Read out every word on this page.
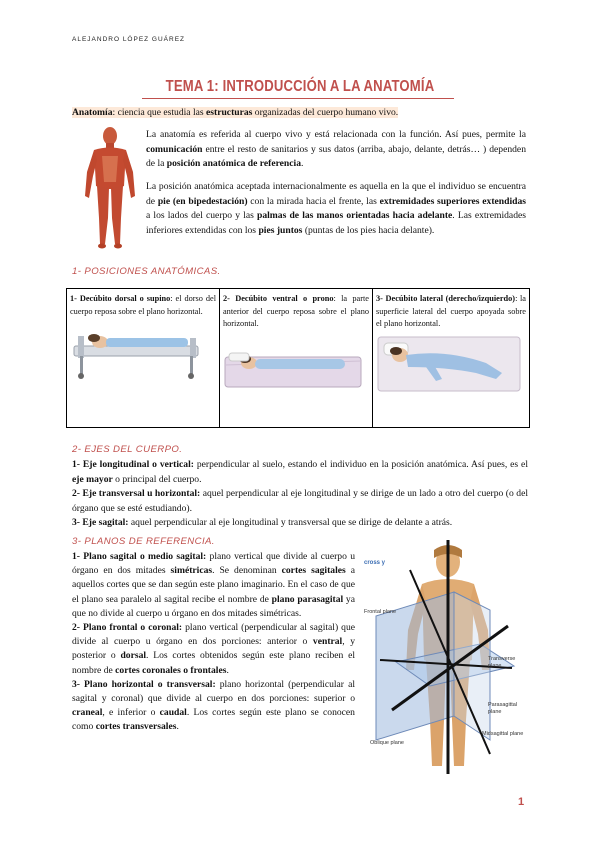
ALEJANDRO LÓPEZ GUÁREZ
TEMA 1: INTRODUCCIÓN A LA ANATOMÍA
Anatomía: ciencia que estudia las estructuras organizadas del cuerpo humano vivo.
La anatomía es referida al cuerpo vivo y está relacionada con la función. Así pues, permite la comunicación entre el resto de sanitarios y sus datos (arriba, abajo, delante, detrás… ) dependen de la posición anatómica de referencia.
La posición anatómica aceptada internacionalmente es aquella en la que el individuo se encuentra de pie (en bipedestación) con la mirada hacia el frente, las extremidades superiores extendidas a los lados del cuerpo y las palmas de las manos orientadas hacia adelante. Las extremidades inferiores extendidas con los pies juntos (puntas de los pies hacia delante).
1- POSICIONES ANATÓMICAS.
1- Decúbito dorsal o supino: el dorso del cuerpo reposa sobre el plano horizontal.
	2- Decúbito ventral o prono: la parte anterior del cuerpo reposa sobre el plano horizontal.
	3- Decúbito lateral (derecho/izquierdo): la superficie lateral del cuerpo apoyada sobre el plano horizontal.
2- EJES DEL CUERPO.
1- Eje longitudinal o vertical: perpendicular al suelo, estando el individuo en la posición anatómica. Así pues, es el eje mayor o principal del cuerpo.
2- Eje transversal u horizontal: aquel perpendicular al eje longitudinal y se dirige de un lado a otro del cuerpo (o del órgano que se esté estudiando).
3- Eje sagital: aquel perpendicular al eje longitudinal y transversal que se dirige de delante a atrás.
3- PLANOS DE REFERENCIA.
1- Plano sagital o medio sagital: plano vertical que divide al cuerpo u órgano en dos mitades simétricas. Se denominan cortes sagitales a aquellos cortes que se dan según este plano imaginario. En el caso de que el plano sea paralelo al sagital recibe el nombre de plano parasagital ya que no divide al cuerpo u órgano en dos mitades simétricas.
2- Plano frontal o coronal: plano vertical (perpendicular al sagital) que divide al cuerpo u órgano en dos porciones: anterior o ventral, y posterior o dorsal. Los cortes obtenidos según este plano reciben el nombre de cortes coronales o frontales.
3- Plano horizontal o transversal: plano horizontal (perpendicular al sagital y coronal) que divide al cuerpo en dos porciones: superior o craneal, e inferior o caudal. Los cortes según este plano se conocen como cortes transversales.
cross y
Frontal plane
Transverse plane
Parasagittal plane
Midsagittal plane
Oblique plane
1
